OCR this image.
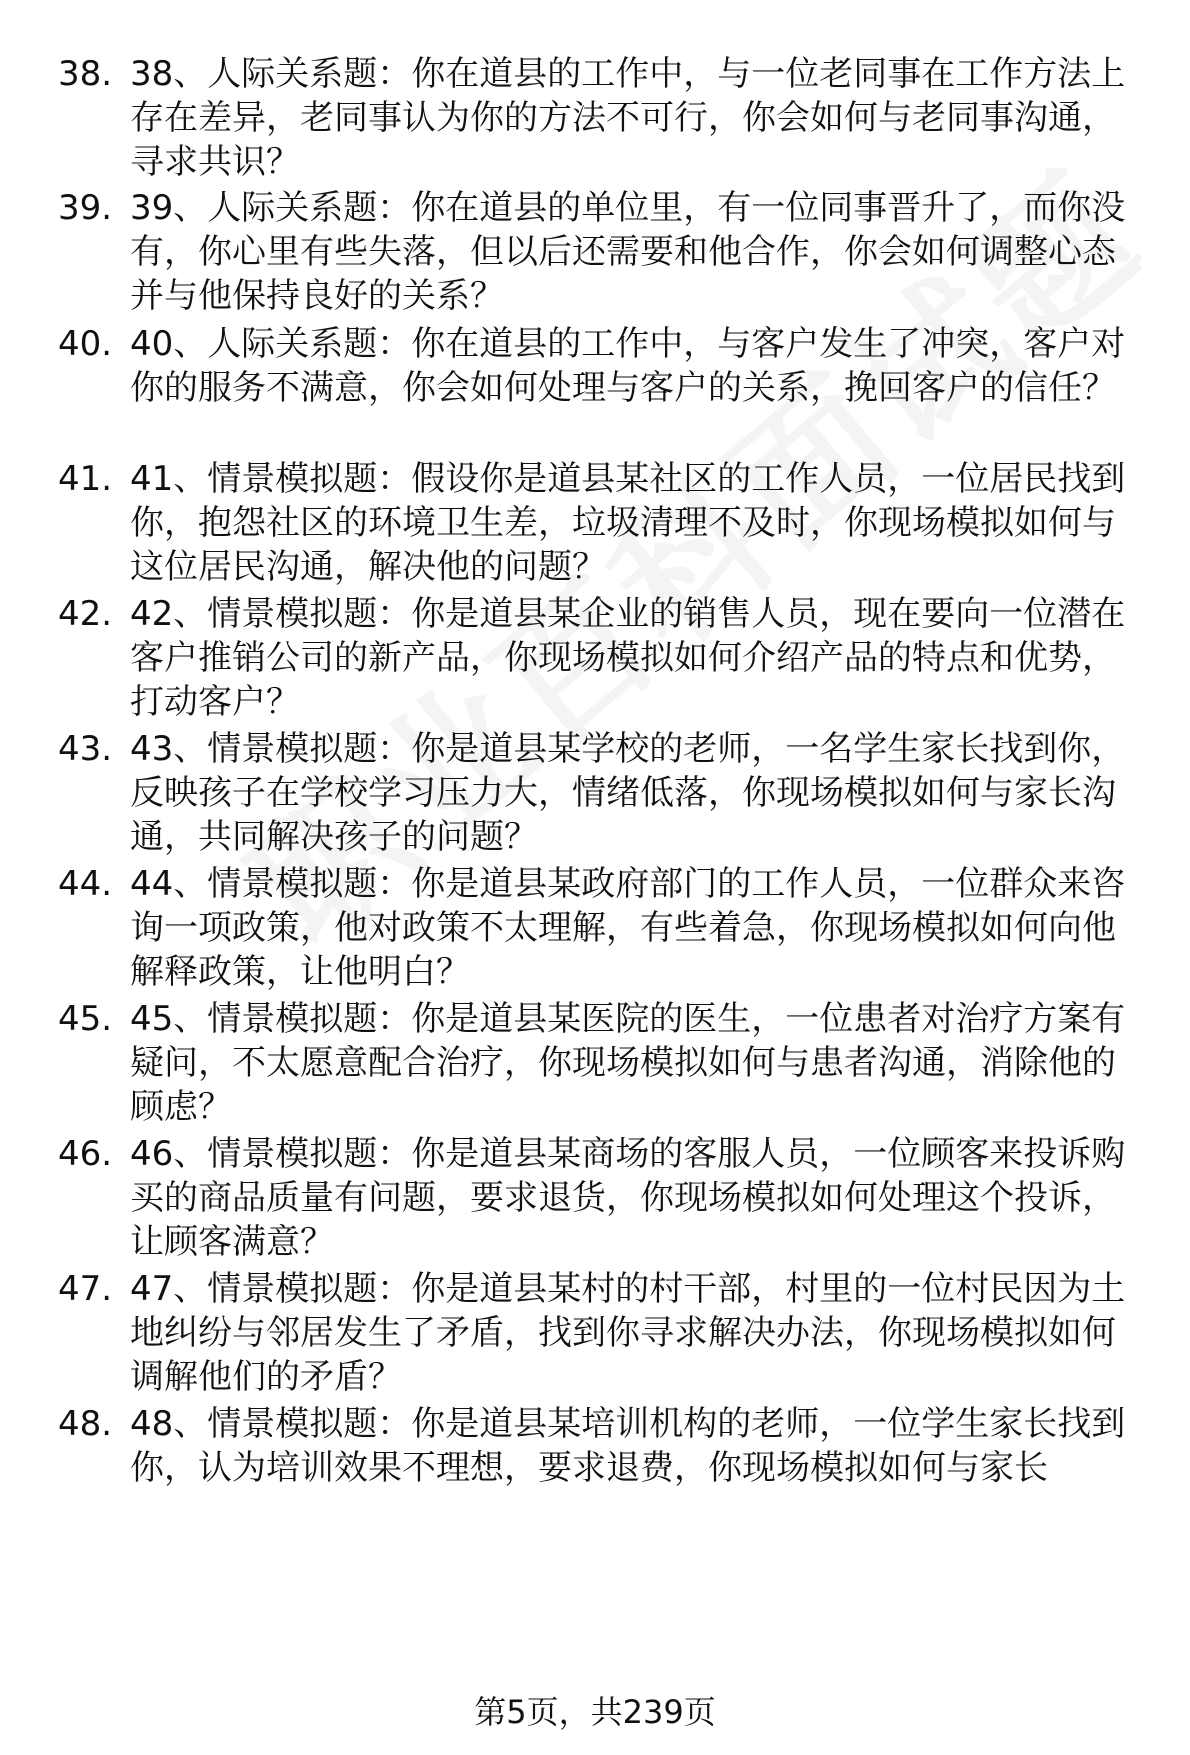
38. 38、人际关系题：你在道县的工作中，与一位老同事在工作方法上存在差异，老同事认为你的方法不可行，你会如何与老同事沟通，寻求共识？
39. 39、人际关系题：你在道县的单位里，有一位同事晋升了，而你没有，你心里有些失落，但以后还需要和他合作，你会如何调整心态并与他保持良好的关系？
40. 40、人际关系题：你在道县的工作中，与客户发生了冲突，客户对你的服务不满意，你会如何处理与客户的关系，挽回客户的信任？
41. 41、情景模拟题：假设你是道县某社区的工作人员，一位居民找到你，抱怨社区的环境卫生差，垃圾清理不及时，你现场模拟如何与这位居民沟通，解决他的问题？
42. 42、情景模拟题：你是道县某企业的销售人员，现在要向一位潜在客户推销公司的新产品，你现场模拟如何介绍产品的特点和优势，打动客户？
43. 43、情景模拟题：你是道县某学校的老师，一名学生家长找到你，反映孩子在学校学习压力大，情绪低落，你现场模拟如何与家长沟通，共同解决孩子的问题？
44. 44、情景模拟题：你是道县某政府部门的工作人员，一位群众来咨询一项政策，他对政策不太理解，有些着急，你现场模拟如何向他解释政策，让他明白？
45. 45、情景模拟题：你是道县某医院的医生，一位患者对治疗方案有疑问，不太愿意配合治疗，你现场模拟如何与患者沟通，消除他的顾虑？
46. 46、情景模拟题：你是道县某商场的客服人员，一位顾客来投诉购买的商品质量有问题，要求退货，你现场模拟如何处理这个投诉，让顾客满意？
47. 47、情景模拟题：你是道县某村的村干部，村里的一位村民因为土地纠纷与邻居发生了矛盾，找到你寻求解决办法，你现场模拟如何调解他们的矛盾？
48. 48、情景模拟题：你是道县某培训机构的老师，一位学生家长找到你，认为培训效果不理想，要求退费，你现场模拟如何与家长
第5页，共239页
